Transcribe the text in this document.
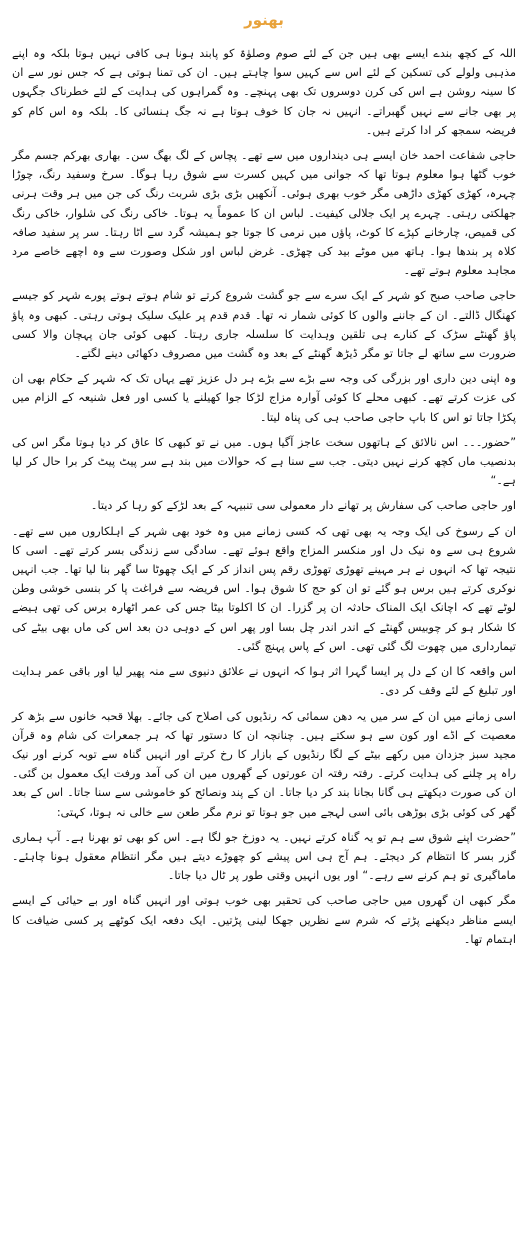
بھنور

اللہ کے کچھ بندے ایسے بھی ہیں جن کے لئے صوم وصلوٰۃ کو پابند ہونا ہی کافی نہیں ہوتا بلکہ وہ اپنے مذہبی ولولے کی تسکین کے لئے اس سے کہیں سوا چاہتے ہیں۔ ان کی تمنا ہوتی ہے کہ جس نور سے ان کا سینہ روشن ہے اس کی کرن دوسروں تک بھی پہنچے۔ وہ گمراہوں کی ہدایت کے لئے خطرناک جگہوں پر بھی جانے سے نہیں گھبراتے۔ انہیں نہ جان کا خوف ہوتا ہے نہ جگ ہنسائی کا۔ بلکہ وہ اس کام کو فریضہ سمجھ کر ادا کرتے ہیں۔

حاجی شفاعت احمد خان ایسے ہی دینداروں میں سے تھے۔ پچاس کے لگ بھگ سن۔ بھاری بھرکم جسم مگر خوب گٹھا ہوا معلوم ہوتا تھا کہ جوانی میں کہیں کسرت سے شوق رہا ہوگا۔ سرخ وسفید رنگ، چوڑا چہرہ، کھڑی کھڑی داڑھی مگر خوب بھری ہوئی۔ آنکھیں بڑی بڑی شربت رنگ کی جن میں ہر وقت ہرنی جھلکتی رہتی۔ چہرے پر ایک جلالی کیفیت۔ لباس ان کا عموماً یہ ہوتا۔ خاکی رنگ کی شلوار، خاکی رنگ کی قمیص، چارخانے کپڑے کا کوٹ، پاؤں میں نرمی کا جوتا جو ہمیشہ گرد سے اٹا رہتا۔ سر پر سفید صافہ کلاہ پر بندھا ہوا۔ ہاتھ میں موٹے بید کی چھڑی۔ غرض لباس اور شکل وصورت سے وہ اچھے خاصے مرد مجاہد معلوم ہوتے تھے۔

حاجی صاحب صبح کو شہر کے ایک سرے سے جو گشت شروع کرتے تو شام ہوتے ہوتے پورے شہر کو جیسے کھنگال ڈالتے۔ ان کے جاننے والوں کا کوئی شمار نہ تھا۔ قدم قدم پر علیک سلیک ہوتی رہتی۔ کبھی وہ پاؤ پاؤ گھنٹے سڑک کے کنارے ہی تلقین وہدایت کا سلسلہ جاری رہتا۔ کبھی کوئی جان پہچان والا کسی ضرورت سے ساتھ لے جاتا تو مگر ڈیڑھ گھنٹے کے بعد وہ گشت میں مصروف دکھائی دینے لگتے۔

وہ اپنی دین داری اور بزرگی کی وجہ سے بڑے سے بڑے ہر دل عزیز تھے یہاں تک کہ شہر کے حکام بھی ان کی عزت کرتے تھے۔ کبھی محلے کا کوئی آوارہ مزاج لڑکا جوا کھیلنے یا کسی اور فعل شنیعہ کے الزام میں پکڑا جاتا تو اس کا باپ حاجی صاحب ہی کی پناہ لیتا۔

”حضور۔۔۔ اس نالائق کے ہاتھوں سخت عاجز آگیا ہوں۔ میں نے تو کبھی کا عاق کر دیا ہوتا مگر اس کی بدنصیب ماں کچھ کرنے نہیں دیتی۔ جب سے سنا ہے کہ حوالات میں بند ہے سر پیٹ پیٹ کر برا حال کر لیا ہے۔“

اور حاجی صاحب کی سفارش پر تھانے دار معمولی سی تنبیہہ کے بعد لڑکے کو رہا کر دیتا۔

ان کے رسوخ کی ایک وجہ یہ بھی تھی کہ کسی زمانے میں وہ خود بھی شہر کے اہلکاروں میں سے تھے۔ شروع ہی سے وہ نیک دل اور منکسر المزاج واقع ہوئے تھے۔ سادگی سے زندگی بسر کرتے تھے۔ اسی کا نتیجہ تھا کہ انہوں نے ہر مہینے تھوڑی تھوڑی رقم پس انداز کر کے ایک چھوٹا سا گھر بنا لیا تھا۔ جب انہیں نوکری کرتے ہیں برس ہو گئے تو ان کو حج کا شوق ہوا۔ اس فریضہ سے فراغت پا کر بنسی خوشی وطن لوٹے تھے کہ اچانک ایک المناک حادثہ ان پر گزرا۔ ان کا اکلوتا بیٹا جس کی عمر اٹھارہ برس کی تھی ہیضے کا شکار ہو کر چوبیس گھنٹے کے اندر اندر چل بسا اور پھر اس کے دوہی دن بعد اس کی ماں بھی بیٹے کی تیمارداری میں چھوت لگ گئی تھی۔ اس کے پاس پہنچ گئی۔

اس واقعہ کا ان کے دل پر ایسا گہرا اثر ہوا کہ انہوں نے علائق دنیوی سے منہ پھیر لیا اور باقی عمر ہدایت اور تبلیغ کے لئے وقف کر دی۔

اسی زمانے میں ان کے سر میں یہ دھن سمائی کہ رنڈیوں کی اصلاح کی جائے۔ بھلا قحبہ خانوں سے بڑھ کر معصیت کے اڈے اور کون سے ہو سکتے ہیں۔ چنانچہ ان کا دستور تھا کہ ہر جمعرات کی شام وہ قرآن مجید سبز جزدان میں رکھے بیٹے کے لگا رنڈیوں کے بازار کا رخ کرتے اور انہیں گناہ سے توبہ کرنے اور نیک راہ پر چلنے کی ہدایت کرتے۔ رفتہ رفتہ ان عورتوں کے گھروں میں ان کی آمد ورفت ایک معمول بن گئی۔ ان کی صورت دیکھتے ہی گانا بجانا بند کر دیا جاتا۔ ان کے پند ونصائح کو خاموشی سے سنا جاتا۔ اس کے بعد گھر کی کوئی بڑی بوڑھی بائی اسی لہجے میں جو ہوتا تو نرم مگر طعن سے خالی نہ ہوتا، کہتی:

”حضرت اپنے شوق سے ہم تو یہ گناہ کرتے نہیں۔ یہ دوزخ جو لگا ہے۔ اس کو بھی تو بھرنا ہے۔ آپ ہماری گزر بسر کا انتظام کر دیجئے۔ ہم آج ہی اس پیشے کو چھوڑے دیتے ہیں مگر انتظام معقول ہونا چاہئے۔ ماماگیری تو ہم کرنے سے رہے۔“ اور یوں انہیں وقتی طور پر ٹال دیا جاتا۔

مگر کبھی ان گھروں میں حاجی صاحب کی تحقیر بھی خوب ہوتی اور انہیں گناہ اور بے حیائی کے ایسے ایسے مناظر دیکھنے پڑتے کہ شرم سے نظریں جھکا لینی پڑتیں۔ ایک دفعہ ایک کوٹھے پر کسی ضیافت کا اہتمام تھا۔
